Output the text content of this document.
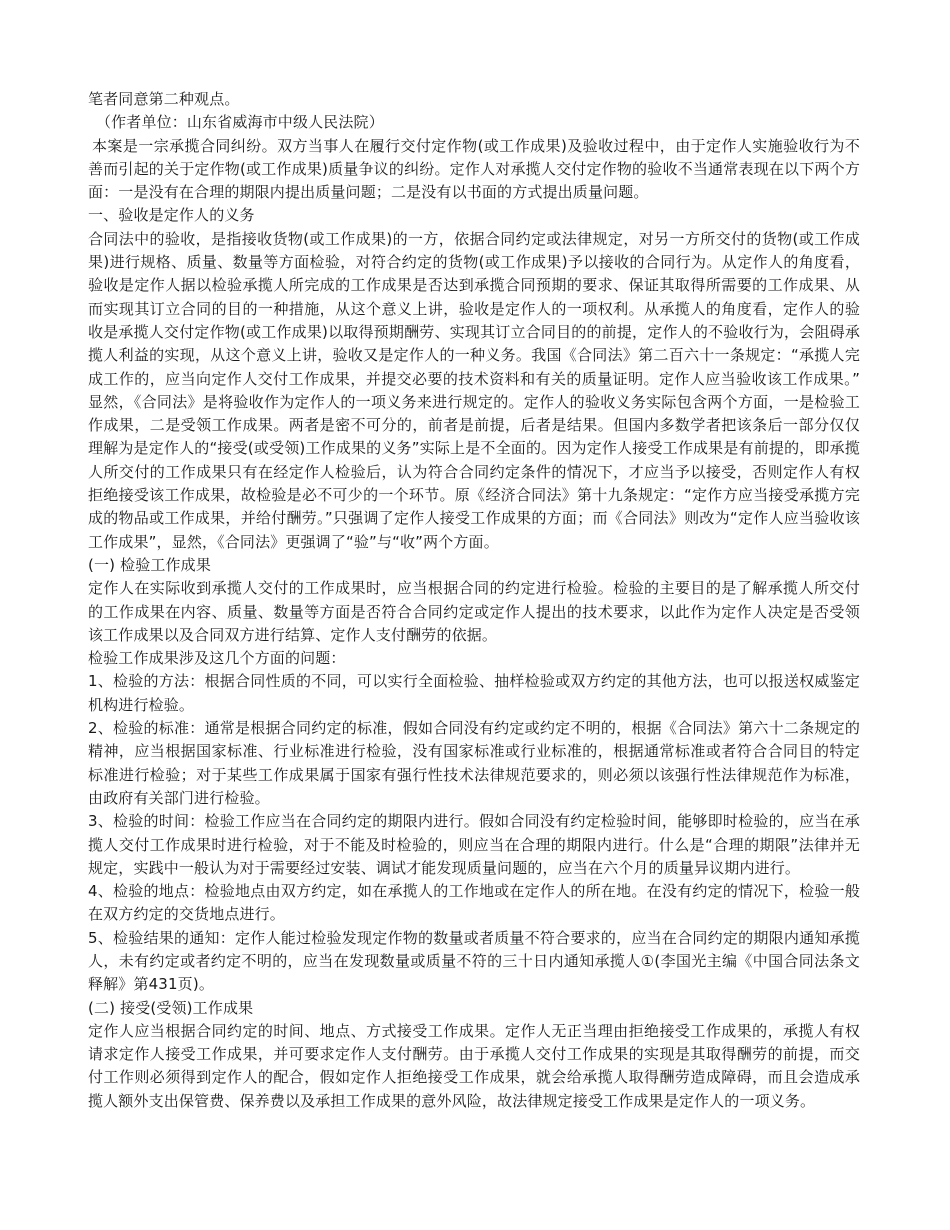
笔者同意第二种观点。

（作者单位：山东省威海市中级人民法院）

本案是一宗承揽合同纠纷。双方当事人在履行交付定作物(或工作成果)及验收过程中，由于定作人实施验收行为不善而引起的关于定作物(或工作成果)质量争议的纠纷。定作人对承揽人交付定作物的验收不当通常表现在以下两个方面：一是没有在合理的期限内提出质量问题；二是没有以书面的方式提出质量问题。

一、验收是定作人的义务

合同法中的验收，是指接收货物(或工作成果)的一方，依据合同约定或法律规定，对另一方所交付的货物(或工作成果)进行规格、质量、数量等方面检验，对符合约定的货物(或工作成果)予以接收的合同行为。从定作人的角度看，验收是定作人据以检验承揽人所完成的工作成果是否达到承揽合同预期的要求、保证其取得所需要的工作成果、从而实现其订立合同的目的一种措施，从这个意义上讲，验收是定作人的一项权利。从承揽人的角度看，定作人的验收是承揽人交付定作物(或工作成果)以取得预期酬劳、实现其订立合同目的的前提，定作人的不验收行为，会阻碍承揽人利益的实现，从这个意义上讲，验收又是定作人的一种义务。我国《合同法》第二百六十一条规定：“承揽人完成工作的，应当向定作人交付工作成果，并提交必要的技术资料和有关的质量证明。定作人应当验收该工作成果。” 显然，《合同法》是将验收作为定作人的一项义务来进行规定的。定作人的验收义务实际包含两个方面，一是检验工作成果，二是受领工作成果。两者是密不可分的，前者是前提，后者是结果。但国内多数学者把该条后一部分仅仅理解为是定作人的“接受(或受领)工作成果的义务”实际上是不全面的。因为定作人接受工作成果是有前提的，即承揽人所交付的工作成果只有在经定作人检验后，认为符合合同约定条件的情况下，才应当予以接受，否则定作人有权拒绝接受该工作成果，故检验是必不可少的一个环节。原《经济合同法》第十九条规定：“定作方应当接受承揽方完成的物品或工作成果，并给付酬劳。”只强调了定作人接受工作成果的方面；而《合同法》则改为“定作人应当验收该工作成果”，显然，《合同法》更强调了“验”与“收”两个方面。

(一) 检验工作成果

定作人在实际收到承揽人交付的工作成果时，应当根据合同的约定进行检验。检验的主要目的是了解承揽人所交付的工作成果在内容、质量、数量等方面是否符合合同约定或定作人提出的技术要求，以此作为定作人决定是否受领该工作成果以及合同双方进行结算、定作人支付酬劳的依据。

检验工作成果涉及这几个方面的问题：

1、检验的方法：根据合同性质的不同，可以实行全面检验、抽样检验或双方约定的其他方法，也可以报送权威鉴定机构进行检验。

2、检验的标准：通常是根据合同约定的标准，假如合同没有约定或约定不明的，根据《合同法》第六十二条规定的精神，应当根据国家标准、行业标准进行检验，没有国家标准或行业标准的，根据通常标准或者符合合同目的特定标准进行检验；对于某些工作成果属于国家有强行性技术法律规范要求的，则必须以该强行性法律规范作为标准，由政府有关部门进行检验。

3、检验的时间：检验工作应当在合同约定的期限内进行。假如合同没有约定检验时间，能够即时检验的，应当在承揽人交付工作成果时进行检验，对于不能及时检验的，则应当在合理的期限内进行。什么是“合理的期限”法律并无规定，实践中一般认为对于需要经过安装、调试才能发现质量问题的，应当在六个月的质量异议期内进行。

4、检验的地点：检验地点由双方约定，如在承揽人的工作地或在定作人的所在地。在没有约定的情况下，检验一般在双方约定的交货地点进行。

5、检验结果的通知：定作人能过检验发现定作物的数量或者质量不符合要求的，应当在合同约定的期限内通知承揽人，未有约定或者约定不明的，应当在发现数量或质量不符的三十日内通知承揽人①(李国光主编《中国合同法条文释解》第431页)。

(二) 接受(受领)工作成果

定作人应当根据合同约定的时间、地点、方式接受工作成果。定作人无正当理由拒绝接受工作成果的，承揽人有权请求定作人接受工作成果，并可要求定作人支付酬劳。由于承揽人交付工作成果的实现是其取得酬劳的前提，而交付工作则必须得到定作人的配合，假如定作人拒绝接受工作成果，就会给承揽人取得酬劳造成障碍，而且会造成承揽人额外支出保管费、保养费以及承担工作成果的意外风险，故法律规定接受工作成果是定作人的一项义务。
